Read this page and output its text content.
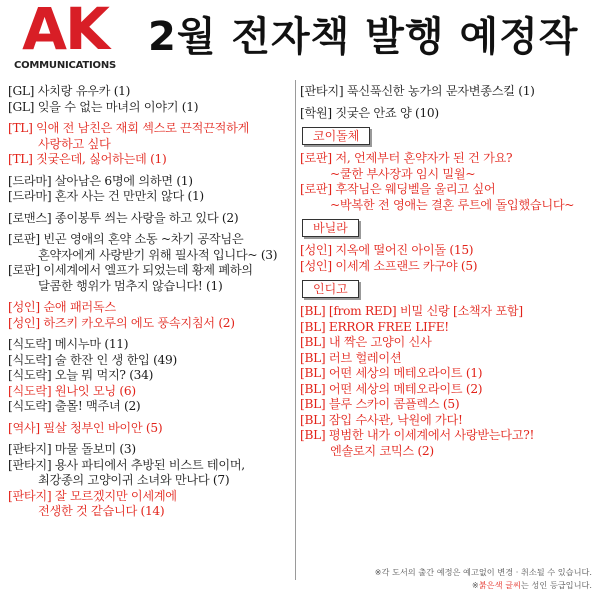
AK
COMMUNICATIONS
2월 전자책 발행 예정작
[GL] 사치랑 유우카 (1)
[GL] 잊을 수 없는 마녀의 이야기 (1)
[TL] 익애 전 남친은 재회 섹스로 끈적끈적하게
사랑하고 싶다
[TL] 짓궂은데, 싫어하는데 (1)
[드라마] 살아남은 6명에 의하면 (1)
[드라마] 혼자 사는 건 만만치 않다 (1)
[로맨스] 종이봉투 씌는 사랑을 하고 있다 (2)
[로판] 빈곤 영애의 혼약 소동 ~차기 공작님은
혼약자에게 사랑받기 위해 필사적 입니다~ (3)
[로판] 이세계에서 엘프가 되었는데 황제 폐하의
달콤한 행위가 멈추지 않습니다! (1)
[성인] 순애 패러독스
[성인] 하즈키 카오루의 에도 풍속지침서 (2)
[식도락] 메시누마 (11)
[식도락] 술 한잔 인 생 한입 (49)
[식도락] 오늘 뭐 먹지? (34)
[식도락] 원나잇 모닝 (6)
[식도락] 출몰! 맥주녀 (2)
[역사] 필살 청부인 바이안 (5)
[판타지] 마물 돌보미 (3)
[판타지] 용사 파티에서 추방된 비스트 테이머,
최강종의 고양이귀 소녀와 만나다 (7)
[판타지] 잘 모르겠지만 이세계에
전생한 것 같습니다 (14)
[판타지] 푹신푹신한 농가의 문자변종스킬 (1)
[학원] 짓궂은 안죠 양 (10)
코이돌체
[로판] 저, 언제부터 혼약자가 된 건 가요?
~쿨한 부사장과 임시 밀월~
[로판] 후작님은 웨딩벨을 울리고 싶어
~박복한 전 영애는 결혼 루트에 돌입했습니다~
바닐라
[성인] 지옥에 떨어진 아이돌 (15)
[성인] 이세계 소프랜드 카구야 (5)
인디고
[BL] [from RED] 비밀 신랑 [소책자 포함]
[BL] ERROR FREE LIFE!
[BL] 내 짝은 고양이 신사
[BL] 러브 헐레이션
[BL] 어떤 세상의 메테오라이트 (1)
[BL] 어떤 세상의 메테오라이트 (2)
[BL] 블루 스카이 콤플렉스 (5)
[BL] 잠입 수사관, 낙원에 가다!
[BL] 평범한 내가 이세계에서 사랑받는다고?!
엔솔로지 코믹스 (2)
※각 도서의 출간 예정은 예고없이 변경 · 취소될 수 있습니다.
※붉은색 글씨는 성인 등급입니다.
